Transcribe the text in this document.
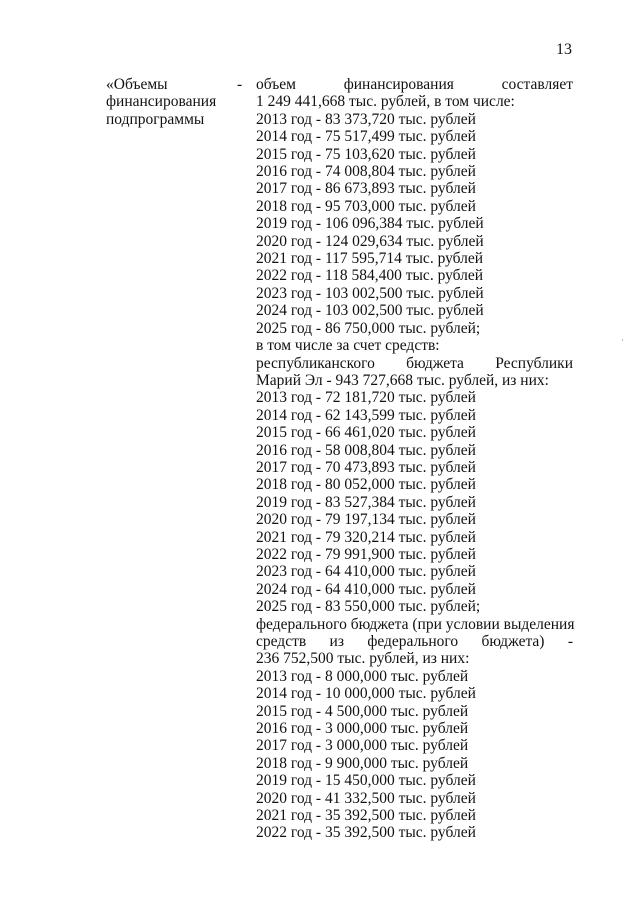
13
«Объемы
финансирования
подпрограммы
- объем	финансирования	составляет
1 249 441,668 тыс. рублей, в том числе:
2013 год - 83 373,720 тыс. рублей
2014 год - 75 517,499 тыс. рублей
2015 год - 75 103,620 тыс. рублей
2016 год - 74 008,804 тыс. рублей
2017 год - 86 673,893 тыс. рублей
2018 год - 95 703,000 тыс. рублей
2019 год - 106 096,384 тыс. рублей
2020 год - 124 029,634 тыс. рублей
2021 год - 117 595,714 тыс. рублей
2022 год - 118 584,400 тыс. рублей
2023 год - 103 002,500 тыс. рублей
2024 год - 103 002,500 тыс. рублей
2025 год - 86 750,000 тыс. рублей;
в том числе за счет средств:
республиканского бюджета Республики
Марий Эл - 943 727,668 тыс. рублей, из них:
2013 год - 72 181,720 тыс. рублей
2014 год - 62 143,599 тыс. рублей
2015 год - 66 461,020 тыс. рублей
2016 год - 58 008,804 тыс. рублей
2017 год - 70 473,893 тыс. рублей
2018 год - 80 052,000 тыс. рублей
2019 год - 83 527,384 тыс. рублей
2020 год - 79 197,134 тыс. рублей
2021 год - 79 320,214 тыс. рублей
2022 год - 79 991,900 тыс. рублей
2023 год - 64 410,000 тыс. рублей
2024 год - 64 410,000 тыс. рублей
2025 год - 83 550,000 тыс. рублей;
федерального бюджета (при условии выделения
средств из федерального бюджета) -
236 752,500 тыс. рублей, из них:
2013 год - 8 000,000 тыс. рублей
2014 год - 10 000,000 тыс. рублей
2015 год - 4 500,000 тыс. рублей
2016 год - 3 000,000 тыс. рублей
2017 год - 3 000,000 тыс. рублей
2018 год - 9 900,000 тыс. рублей
2019 год - 15 450,000 тыс. рублей
2020 год - 41 332,500 тыс. рублей
2021 год - 35 392,500 тыс. рублей
2022 год - 35 392,500 тыс. рублей
